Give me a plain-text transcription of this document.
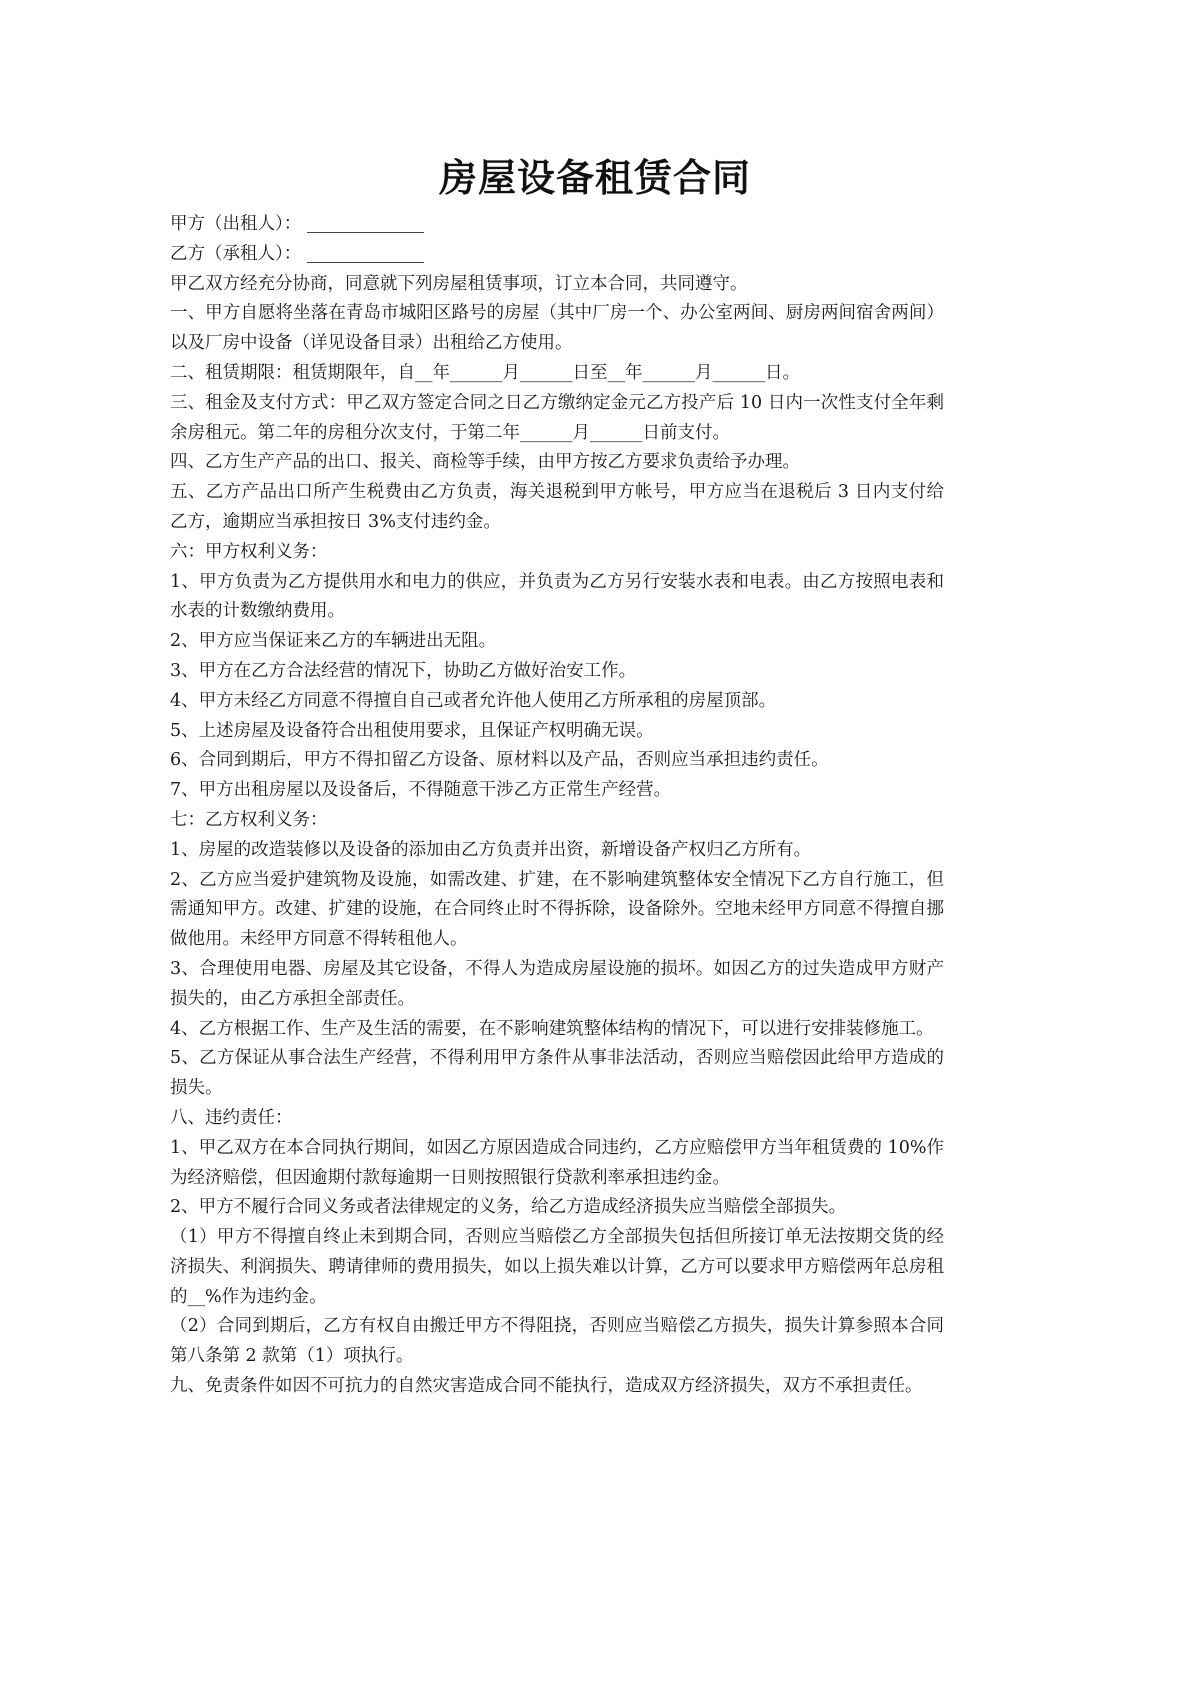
房屋设备租赁合同
甲方（出租人）：
乙方（承租人）：

甲乙双方经充分协商，同意就下列房屋租赁事项，订立本合同，共同遵守。

一、甲方自愿将坐落在青岛市城阳区路号的房屋（其中厂房一个、办公室两间、厨房两间宿舍两间）以及厂房中设备（详见设备目录）出租给乙方使用。

二、租赁期限：租赁期限年，自__年______月______日至__年______月______日。

三、租金及支付方式：甲乙双方签定合同之日乙方缴纳定金元乙方投产后 10 日内一次性支付全年剩余房租元。第二年的房租分次支付，于第二年______月______日前支付。

四、乙方生产产品的出口、报关、商检等手续，由甲方按乙方要求负责给予办理。

五、乙方产品出口所产生税费由乙方负责，海关退税到甲方帐号，甲方应当在退税后 3 日内支付给乙方，逾期应当承担按日 3%支付违约金。

六：甲方权利义务：

1、甲方负责为乙方提供用水和电力的供应，并负责为乙方另行安装水表和电表。由乙方按照电表和水表的计数缴纳费用。

2、甲方应当保证来乙方的车辆进出无阻。

3、甲方在乙方合法经营的情况下，协助乙方做好治安工作。

4、甲方未经乙方同意不得擅自自己或者允许他人使用乙方所承租的房屋顶部。

5、上述房屋及设备符合出租使用要求，且保证产权明确无误。

6、合同到期后，甲方不得扣留乙方设备、原材料以及产品，否则应当承担违约责任。

7、甲方出租房屋以及设备后，不得随意干涉乙方正常生产经营。

七：乙方权利义务：

1、房屋的改造装修以及设备的添加由乙方负责并出资，新增设备产权归乙方所有。

2、乙方应当爱护建筑物及设施，如需改建、扩建，在不影响建筑整体安全情况下乙方自行施工，但需通知甲方。改建、扩建的设施，在合同终止时不得拆除，设备除外。空地未经甲方同意不得擅自挪做他用。未经甲方同意不得转租他人。

3、合理使用电器、房屋及其它设备，不得人为造成房屋设施的损坏。如因乙方的过失造成甲方财产损失的，由乙方承担全部责任。

4、乙方根据工作、生产及生活的需要，在不影响建筑整体结构的情况下，可以进行安排装修施工。

5、乙方保证从事合法生产经营，不得利用甲方条件从事非法活动，否则应当赔偿因此给甲方造成的损失。

八、违约责任：

1、甲乙双方在本合同执行期间，如因乙方原因造成合同违约，乙方应赔偿甲方当年租赁费的 10%作为经济赔偿，但因逾期付款每逾期一日则按照银行贷款利率承担违约金。

2、甲方不履行合同义务或者法律规定的义务，给乙方造成经济损失应当赔偿全部损失。

（1）甲方不得擅自终止未到期合同，否则应当赔偿乙方全部损失包括但所接订单无法按期交货的经济损失、利润损失、聘请律师的费用损失，如以上损失难以计算，乙方可以要求甲方赔偿两年总房租的__%作为违约金。

（2）合同到期后，乙方有权自由搬迁甲方不得阻挠，否则应当赔偿乙方损失，损失计算参照本合同第八条第 2 款第（1）项执行。

九、免责条件如因不可抗力的自然灾害造成合同不能执行，造成双方经济损失，双方不承担责任。
